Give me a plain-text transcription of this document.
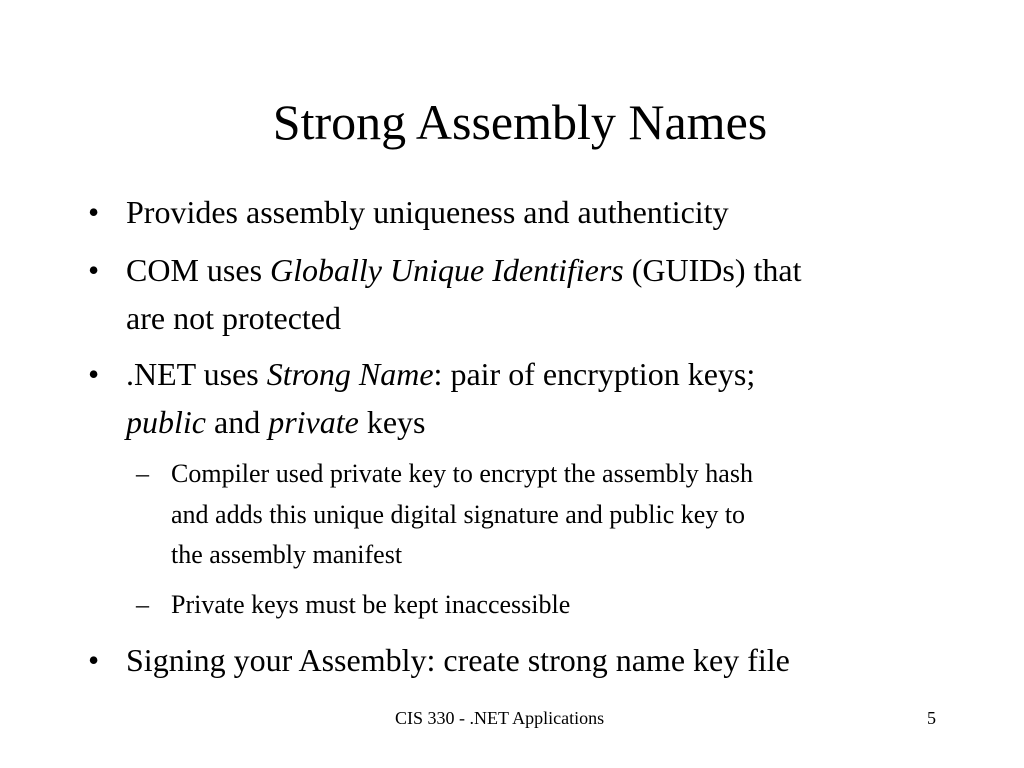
Strong Assembly Names
• Provides assembly uniqueness and authenticity
• COM uses Globally Unique Identifiers (GUIDs) that
are not protected
• .NET uses Strong Name: pair of encryption keys;
public and private keys
– Compiler used private key to encrypt the assembly hash
and adds this unique digital signature and public key to
the assembly manifest
– Private keys must be kept inaccessible
• Signing your Assembly: create strong name key file
CIS 330 - .NET Applications	5
